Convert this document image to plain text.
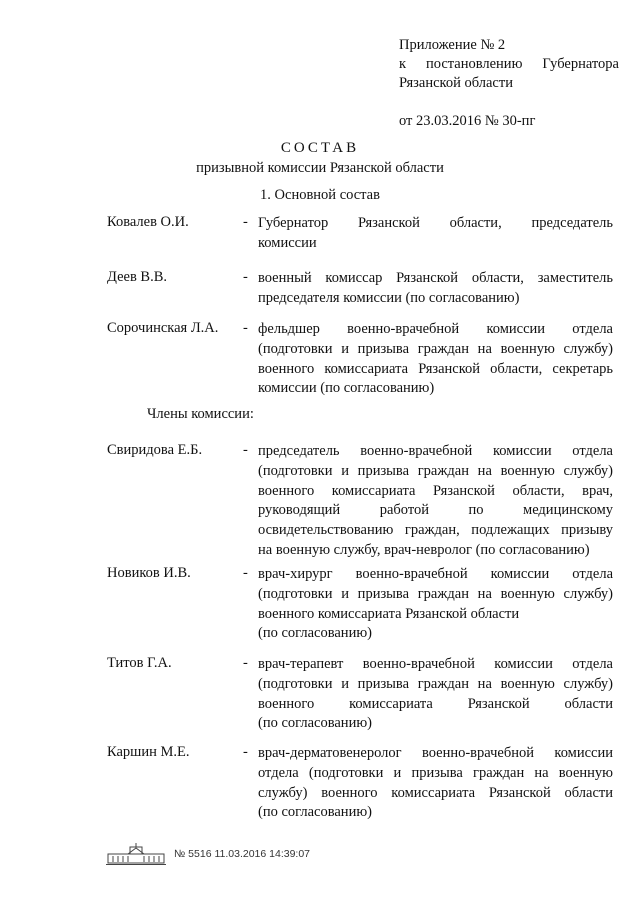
Приложение № 2
к постановлению Губернатора
Рязанской области
от 23.03.2016 № 30-пг
СОСТАВ
призывной комиссии Рязанской области
1. Основной состав
Ковалев О.И.	- Губернатор Рязанской области, председатель
комиссии
Деев В.В.	- военный комиссар Рязанской области, заместитель
председателя комиссии (по согласованию)
Сорочинская Л.А. - фельдшер военно-врачебной комиссии отдела
(подготовки и призыва граждан на военную службу)
военного комиссариата Рязанской области, секретарь
комиссии (по согласованию)
Члены комиссии:
Свиридова Е.Б.	- председатель военно-врачебной комиссии отдела
(подготовки и призыва граждан на военную службу)
военного комиссариата Рязанской области, врач,
руководящий работой по медицинскому
освидетельствованию граждан, подлежащих призыву
на военную службу, врач-невролог (по согласованию)
Новиков И.В.	- врач-хирург военно-врачебной комиссии отдела
(подготовки и призыва граждан на военную службу)
военного комиссариата Рязанской области
(по согласованию)
Титов Г.А.	- врач-терапевт военно-врачебной комиссии отдела
(подготовки и призыва граждан на военную службу)
военного комиссариата Рязанской области
(по согласованию)
Каршин М.Е.	- врач-дерматовенеролог военно-врачебной комиссии
отдела (подготовки и призыва граждан на военную
службу) военного комиссариата Рязанской области
(по согласованию)
№ 5516 11.03.2016 14:39:07
